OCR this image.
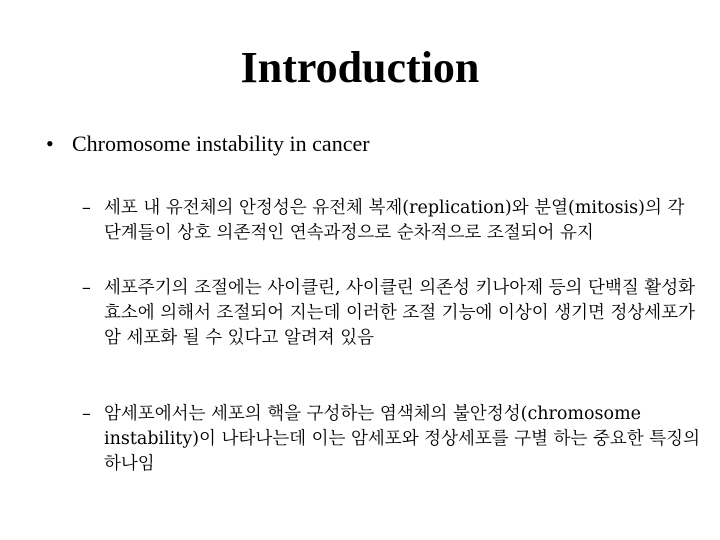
Introduction
• Chromosome instability in cancer
– 세포 내 유전체의 안정성은 유전체 복제(replication)와 분열(mitosis)의 각 단계들이 상호 의존적인 연속과정으로 순차적으로 조절되어 유지
– 세포주기의 조절에는 사이클린, 사이클린 의존성 키나아제 등의 단백질 활성화 효소에 의해서 조절되어 지는데 이러한 조절 기능에 이상이 생기면 정상세포가 암 세포화 될 수 있다고 알려져 있음
– 암세포에서는 세포의 핵을 구성하는 염색체의 불안정성(chromosome instability)이 나타나는데 이는 암세포와 정상세포를 구별 하는 중요한 특징의 하나임
